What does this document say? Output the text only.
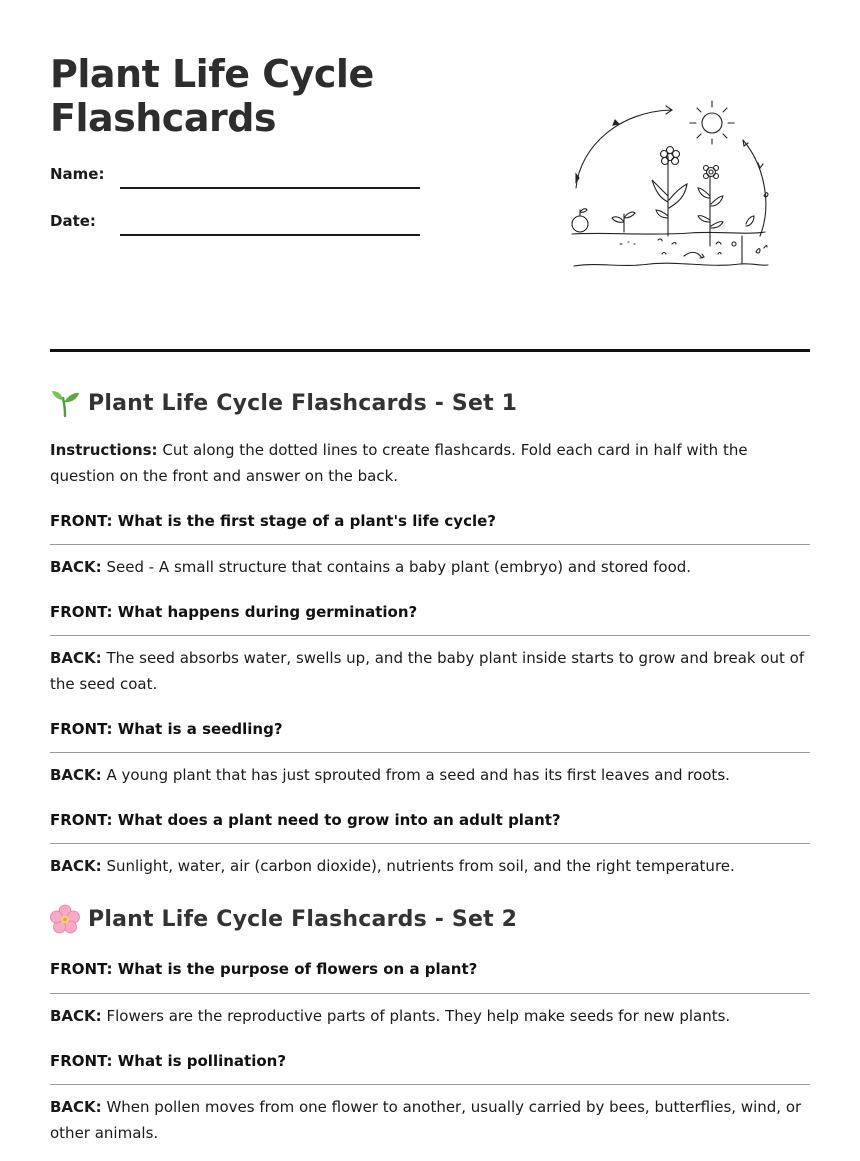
Plant Life Cycle
Flashcards
Name:
Date:
Plant Life Cycle Flashcards - Set 1
Instructions: Cut along the dotted lines to create flashcards. Fold each card in half with the question on the front and answer on the back.
FRONT: What is the first stage of a plant's life cycle?
BACK: Seed - A small structure that contains a baby plant (embryo) and stored food.
FRONT: What happens during germination?
BACK: The seed absorbs water, swells up, and the baby plant inside starts to grow and break out of the seed coat.
FRONT: What is a seedling?
BACK: A young plant that has just sprouted from a seed and has its first leaves and roots.
FRONT: What does a plant need to grow into an adult plant?
BACK: Sunlight, water, air (carbon dioxide), nutrients from soil, and the right temperature.
Plant Life Cycle Flashcards - Set 2
FRONT: What is the purpose of flowers on a plant?
BACK: Flowers are the reproductive parts of plants. They help make seeds for new plants.
FRONT: What is pollination?
BACK: When pollen moves from one flower to another, usually carried by bees, butterflies, wind, or other animals.
